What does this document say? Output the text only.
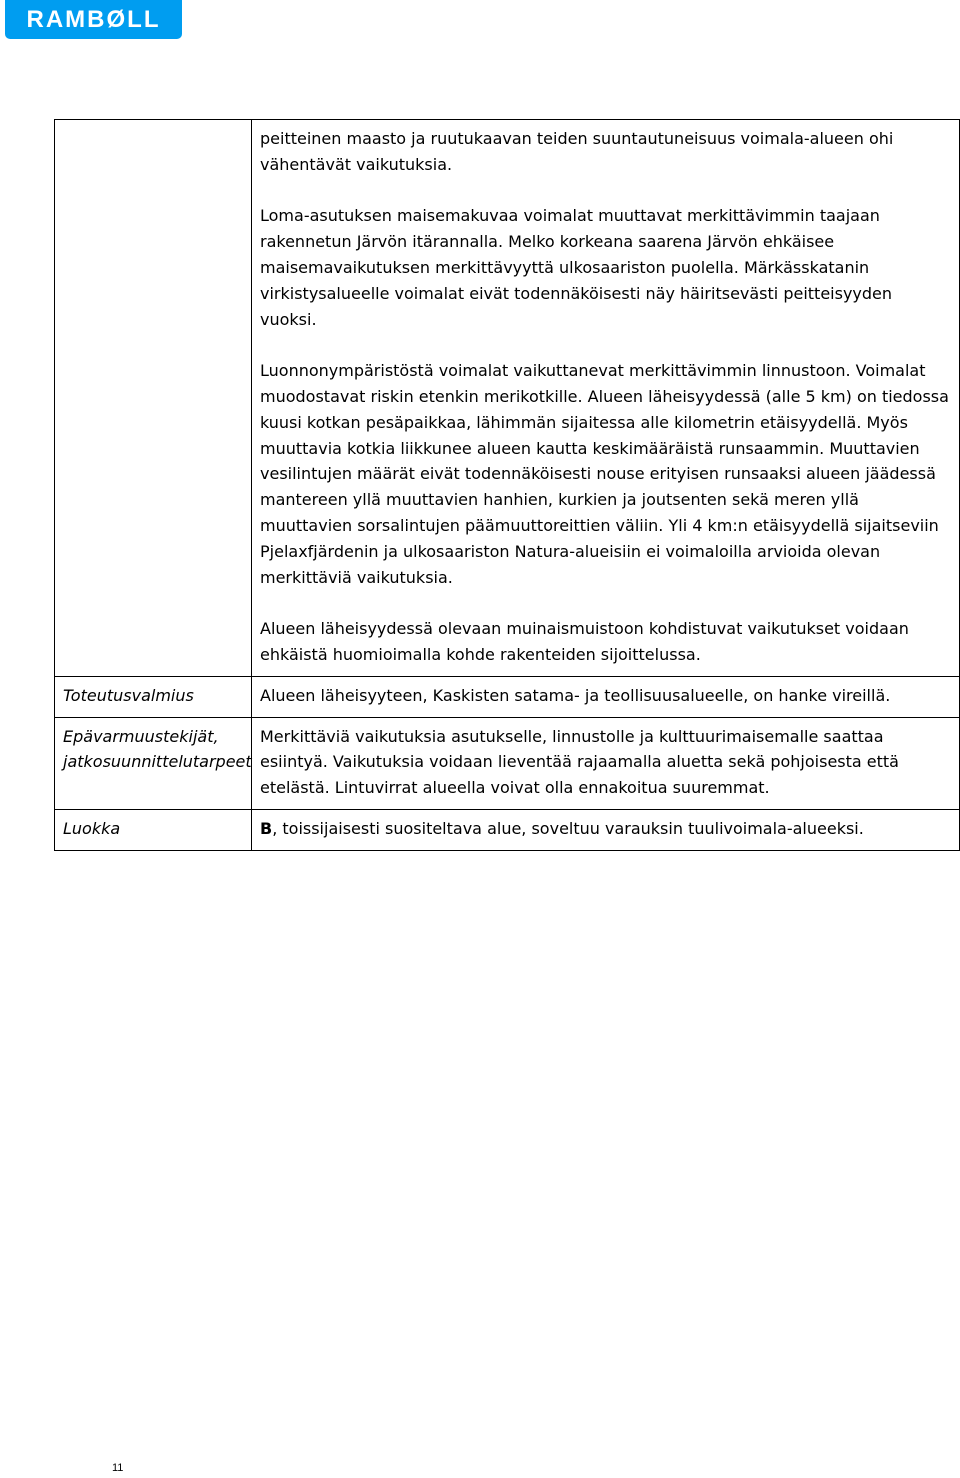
RAMBØLL

	peitteinen maasto ja ruutukaavan teiden suuntautuneisuus voimala-alueen ohi vähentävät vaikutuksia.

Loma-asutuksen maisemakuvaa voimalat muuttavat merkittävimmin taajaan rakennetun Järvön itärannalla. Melko korkeana saarena Järvön ehkäisee maisemavaikutuksen merkittävyyttä ulkosaariston puolella. Märkässkatanin virkistysalueelle voimalat eivät todennäköisesti näy häiritsevästi peitteisyyden vuoksi.

Luonnonympäristöstä voimalat vaikuttanevat merkittävimmin linnustoon. Voimalat muodostavat riskin etenkin merikotkille. Alueen läheisyydessä (alle 5 km) on tiedossa kuusi kotkan pesäpaikkaa, lähimmän sijaitessa alle kilometrin etäisyydellä. Myös muuttavia kotkia liikkunee alueen kautta keskimääräistä runsaammin. Muuttavien vesilintujen määrät eivät todennäköisesti nouse erityisen runsaaksi alueen jäädessä mantereen yllä muuttavien hanhien, kurkien ja joutsenten sekä meren yllä muuttavien sorsalintujen päämuuttoreittien väliin. Yli 4 km:n etäisyydellä sijaitseviin Pjelaxfjärdenin ja ulkosaariston Natura-alueisiin ei voimaloilla arvioida olevan merkittäviä vaikutuksia.

Alueen läheisyydessä olevaan muinaismuistoon kohdistuvat vaikutukset voidaan ehkäistä huomioimalla kohde rakenteiden sijoittelussa.

Toteutusvalmius	Alueen läheisyyteen, Kaskisten satama- ja teollisuusalueelle, on hanke vireillä.
Epävarmuustekijät, jatkosuunnittelutarpeet	Merkittäviä vaikutuksia asutukselle, linnustolle ja kulttuurimaisemalle saattaa esiintyä. Vaikutuksia voidaan lieventää rajaamalla aluetta sekä pohjoisesta että etelästä. Lintuvirrat alueella voivat olla ennakoitua suuremmat.
Luokka	B, toissijaisesti suositeltava alue, soveltuu varauksin tuulivoimala-alueeksi.
11
